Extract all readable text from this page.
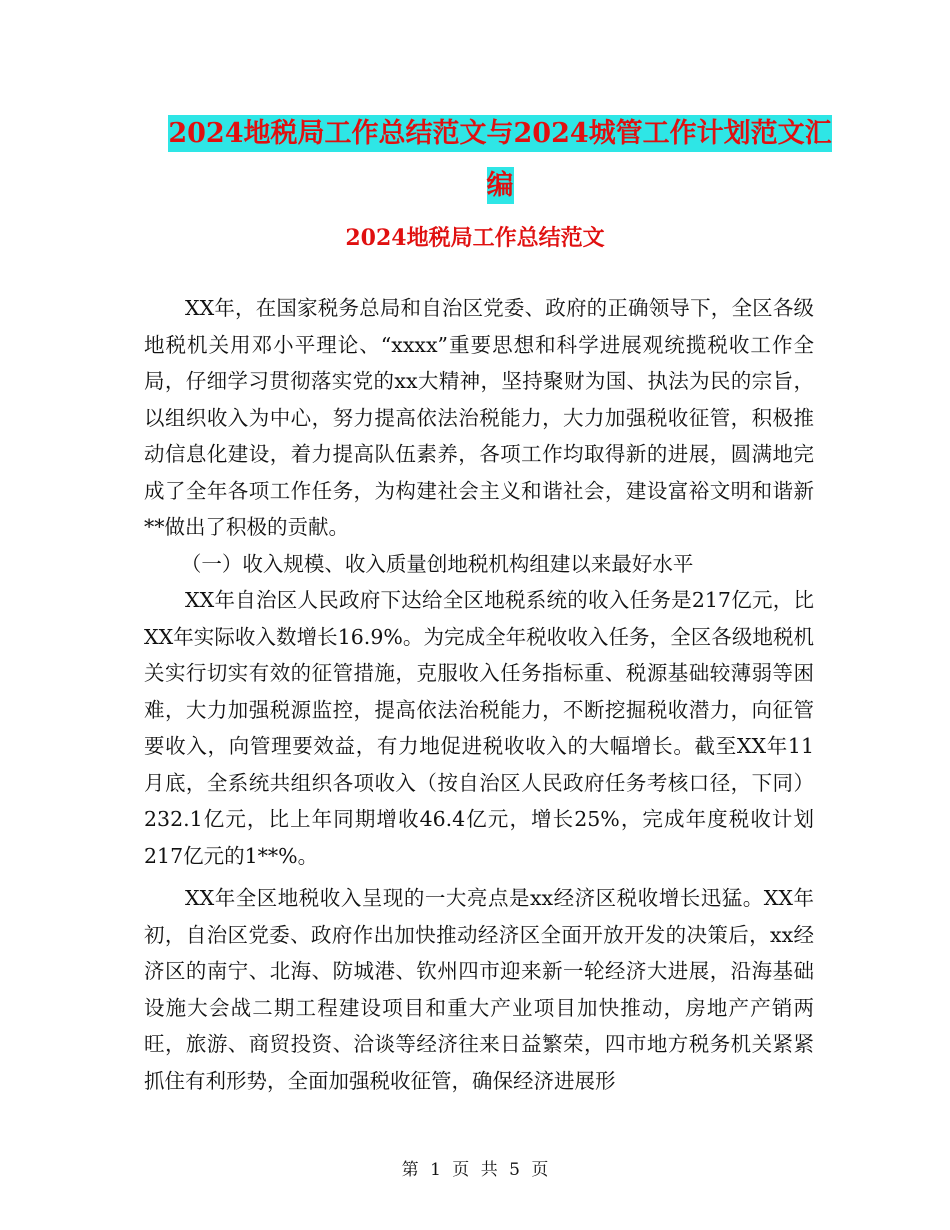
2024地税局工作总结范文与2024城管工作计划范文汇
编
2024地税局工作总结范文

XX年，在国家税务总局和自治区党委、政府的正确领导下，全区各级地税机关用邓小平理论、“xxxx”重要思想和科学进展观统揽税收工作全局，仔细学习贯彻落实党的xx大精神，坚持聚财为国、执法为民的宗旨，以组织收入为中心，努力提高依法治税能力，大力加强税收征管，积极推动信息化建设，着力提高队伍素养，各项工作均取得新的进展，圆满地完成了全年各项工作任务，为构建社会主义和谐社会，建设富裕文明和谐新**做出了积极的贡献。

（一）收入规模、收入质量创地税机构组建以来最好水平

XX年自治区人民政府下达给全区地税系统的收入任务是217亿元，比XX年实际收入数增长16.9%。为完成全年税收收入任务，全区各级地税机关实行切实有效的征管措施，克服收入任务指标重、税源基础较薄弱等困难，大力加强税源监控，提高依法治税能力，不断挖掘税收潜力，向征管要收入，向管理要效益，有力地促进税收收入的大幅增长。截至XX年11月底，全系统共组织各项收入（按自治区人民政府任务考核口径，下同）232.1亿元，比上年同期增收46.4亿元，增长25%，完成年度税收计划217亿元的1**%。

XX年全区地税收入呈现的一大亮点是xx经济区税收增长迅猛。XX年初，自治区党委、政府作出加快推动经济区全面开放开发的决策后，xx经济区的南宁、北海、防城港、钦州四市迎来新一轮经济大进展，沿海基础设施大会战二期工程建设项目和重大产业项目加快推动，房地产产销两旺，旅游、商贸投资、洽谈等经济往来日益繁荣，四市地方税务机关紧紧抓住有利形势，全面加强税收征管，确保经济进展形

第 1 页 共 5 页
